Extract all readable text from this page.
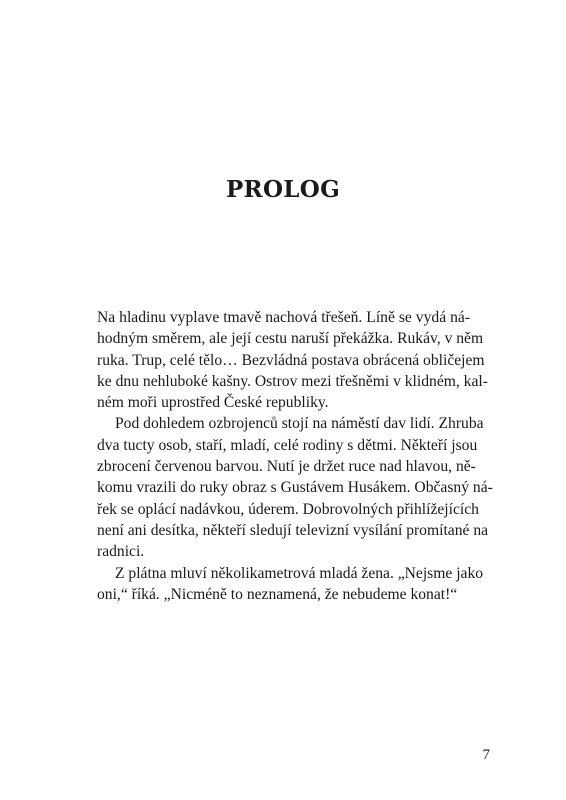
PROLOG
Na hladinu vyplave tmavě nachová třešeň. Líně se vydá ná-
hodným směrem, ale její cestu naruší překážka. Rukáv, v něm
ruka. Trup, celé tělo… Bezvládná postava obrácená obličejem
ke dnu nehluboké kašny. Ostrov mezi třešněmi v klidném, kal-
ném moři uprostřed České republiky.
Pod dohledem ozbrojenců stojí na náměstí dav lidí. Zhruba
dva tucty osob, staří, mladí, celé rodiny s dětmi. Někteří jsou
zbrocení červenou barvou. Nutí je držet ruce nad hlavou, ně-
komu vrazili do ruky obraz s Gustávem Husákem. Občasný ná-
řek se oplácí nadávkou, úderem. Dobrovolných přihlížejících
není ani desítka, někteří sledují televizní vysílání promítané na
radnici.
Z plátna mluví několikametrová mladá žena. „Nejsme jako
oni,“ říká. „Nicméně to neznamená, že nebudeme konat!“
7
